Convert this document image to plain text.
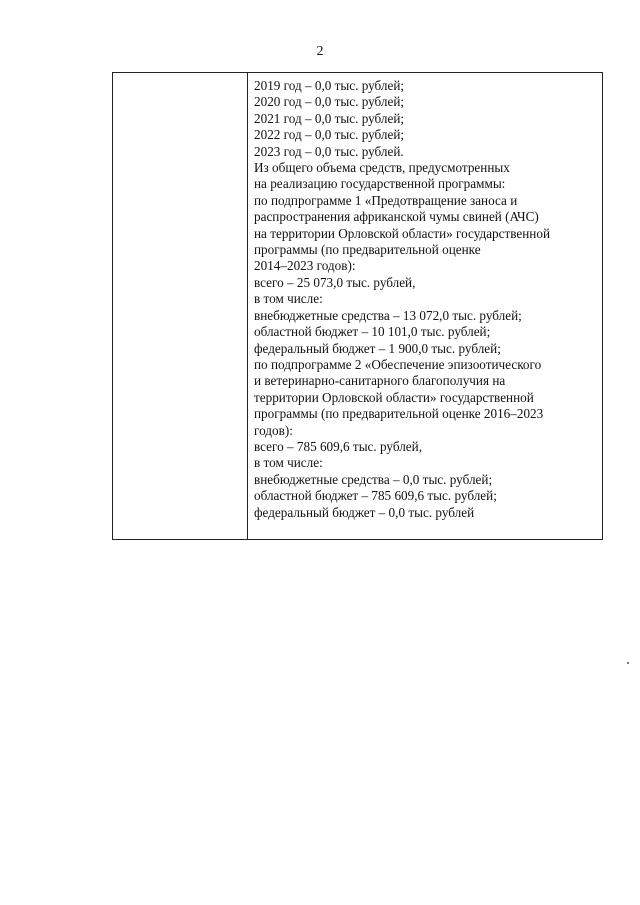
2
2019 год – 0,0 тыс. рублей;
2020 год – 0,0 тыс. рублей;
2021 год – 0,0 тыс. рублей;
2022 год – 0,0 тыс. рублей;
2023 год – 0,0 тыс. рублей.
Из общего объема средств, предусмотренных
на реализацию государственной программы:
по подпрограмме 1 «Предотвращение заноса и
распространения африканской чумы свиней (АЧС)
на территории Орловской области» государственной
программы (по предварительной оценке
2014–2023 годов):
всего – 25 073,0 тыс. рублей,
в том числе:
внебюджетные средства – 13 072,0 тыс. рублей;
областной бюджет – 10 101,0 тыс. рублей;
федеральный бюджет – 1 900,0 тыс. рублей;
по подпрограмме 2 «Обеспечение эпизоотического
и ветеринарно-санитарного благополучия на
территории Орловской области» государственной
программы (по предварительной оценке 2016–2023
годов):
всего – 785 609,6 тыс. рублей,
в том числе:
внебюджетные средства – 0,0 тыс. рублей;
областной бюджет – 785 609,6 тыс. рублей;
федеральный бюджет – 0,0 тыс. рублей
